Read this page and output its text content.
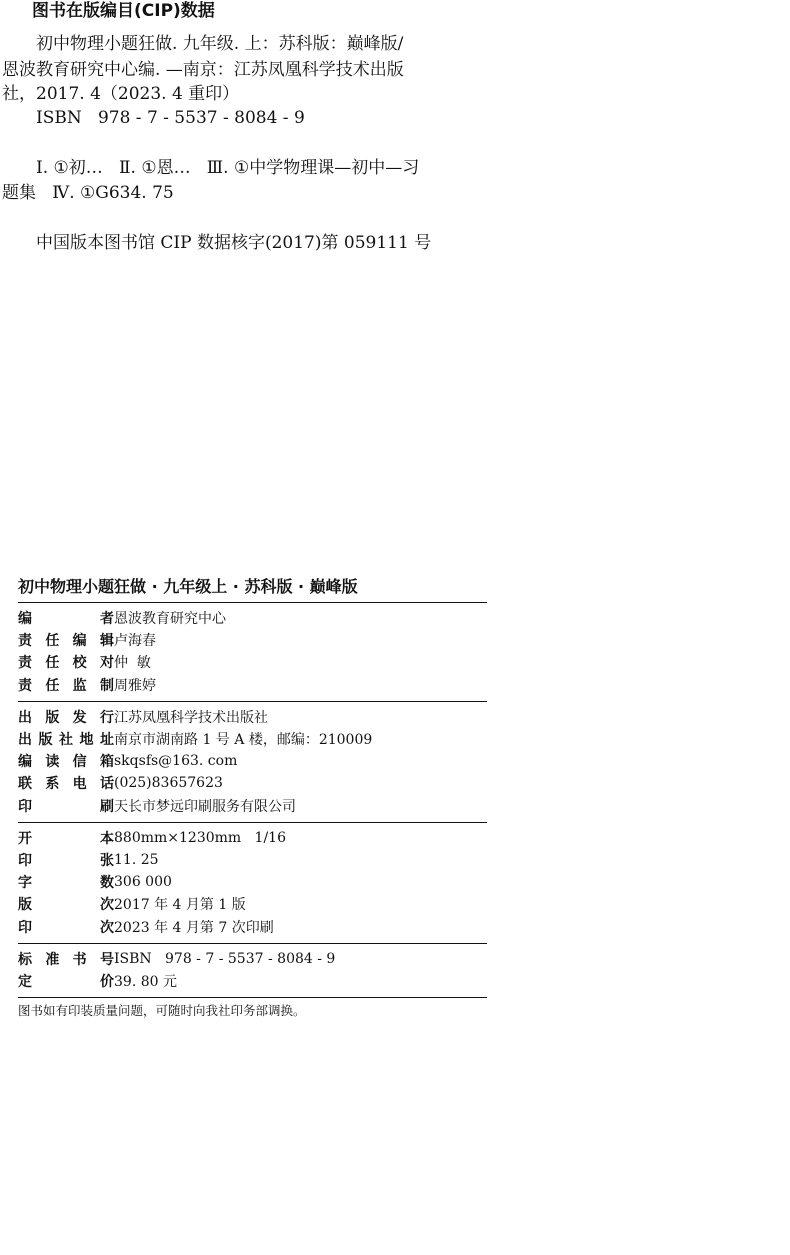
图书在版编目(CIP)数据
初中物理小题狂做. 九年级. 上：苏科版：巅峰版/
恩波教育研究中心编. —南京：江苏凤凰科学技术出版
社，2017. 4（2023. 4 重印）
ISBN   978 - 7 - 5537 - 8084 - 9
Ⅰ. ①初…   Ⅱ. ①恩…   Ⅲ. ①中学物理课—初中—习
题集   Ⅳ. ①G634. 75
中国版本图书馆 CIP 数据核字(2017)第 059111 号
初中物理小题狂做 · 九年级上 · 苏科版 · 巅峰版
编	者 恩波教育研究中心
责 任 编 辑 卢海春
责 任 校 对 仲  敏
责 任 监 制 周雅婷
出 版 发 行 江苏凤凰科学技术出版社
出 版 社 地 址 南京市湖南路 1 号 A 楼，邮编：210009
编 读 信 箱 skqsfs@163. com
联 系 电 话 (025)83657623
印	刷 天长市梦远印刷服务有限公司
开	本 880mm×1230mm   1/16
印	张 11. 25
字	数 306 000
版	次 2017 年 4 月第 1 版
印	次 2023 年 4 月第 7 次印刷
标 准 书 号 ISBN   978 - 7 - 5537 - 8084 - 9
定	价 39. 80 元
图书如有印装质量问题，可随时向我社印务部调换。
